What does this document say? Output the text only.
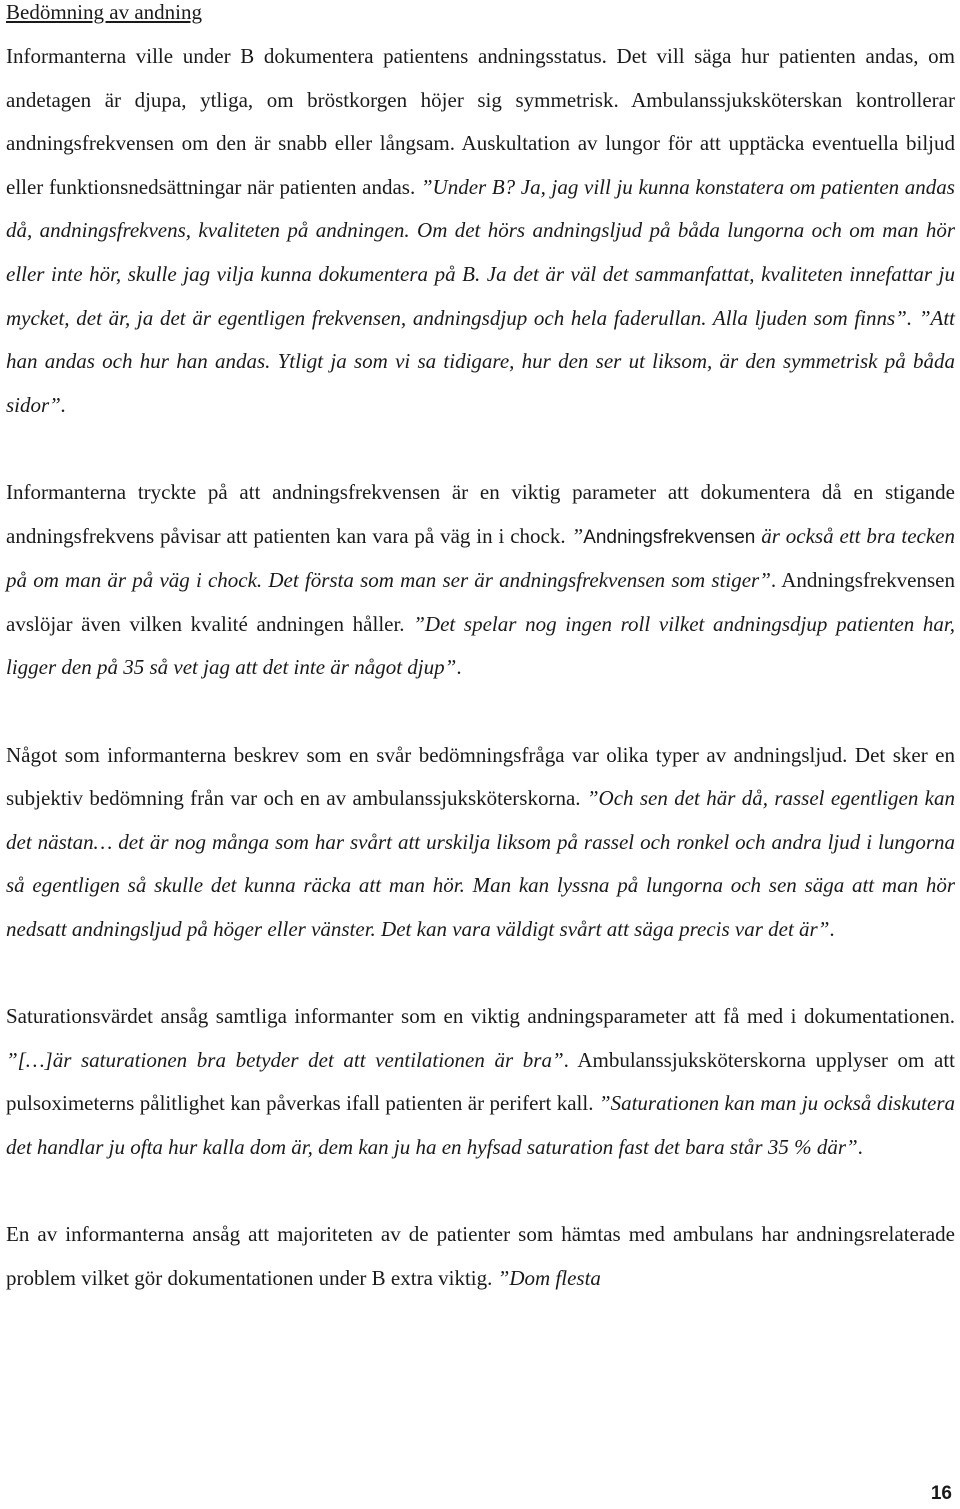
Bedömning av andning

Informanterna ville under B dokumentera patientens andningsstatus. Det vill säga hur patienten andas, om andetagen är djupa, ytliga, om bröstkorgen höjer sig symmetrisk. Ambulanssjuksköterskan kontrollerar andningsfrekvensen om den är snabb eller långsam. Auskultation av lungor för att upptäcka eventuella biljud eller funktionsnedsättningar när patienten andas. ”Under B? Ja, jag vill ju kunna konstatera om patienten andas då, andningsfrekvens, kvaliteten på andningen. Om det hörs andningsljud på båda lungorna och om man hör eller inte hör, skulle jag vilja kunna dokumentera på B. Ja det är väl det sammanfattat, kvaliteten innefattar ju mycket, det är, ja det är egentligen frekvensen, andningsdjup och hela faderullan. Alla ljuden som finns”. ”Att han andas och hur han andas. Ytligt ja som vi sa tidigare, hur den ser ut liksom, är den symmetrisk på båda sidor”.

Informanterna tryckte på att andningsfrekvensen är en viktig parameter att dokumentera då en stigande andningsfrekvens påvisar att patienten kan vara på väg in i chock. ”Andningsfrekvensen är också ett bra tecken på om man är på väg i chock. Det första som man ser är andningsfrekvensen som stiger”. Andningsfrekvensen avslöjar även vilken kvalité andningen håller. ”Det spelar nog ingen roll vilket andningsdjup patienten har, ligger den på 35 så vet jag att det inte är något djup”.

Något som informanterna beskrev som en svår bedömningsfråga var olika typer av andningsljud. Det sker en subjektiv bedömning från var och en av ambulanssjuksköterskorna. ”Och sen det här då, rassel egentligen kan det nästan… det är nog många som har svårt att urskilja liksom på rassel och ronkel och andra ljud i lungorna så egentligen så skulle det kunna räcka att man hör. Man kan lyssna på lungorna och sen säga att man hör nedsatt andningsljud på höger eller vänster. Det kan vara väldigt svårt att säga precis var det är”.

Saturationsvärdet ansåg samtliga informanter som en viktig andningsparameter att få med i dokumentationen. ”[…]är saturationen bra betyder det att ventilationen är bra”. Ambulanssjuksköterskorna upplyser om att pulsoximeterns pålitlighet kan påverkas ifall patienten är perifert kall. ”Saturationen kan man ju också diskutera det handlar ju ofta hur kalla dom är, dem kan ju ha en hyfsad saturation fast det bara står 35 % där”.

En av informanterna ansåg att majoriteten av de patienter som hämtas med ambulans har andningsrelaterade problem vilket gör dokumentationen under B extra viktig. ”Dom flesta

16
